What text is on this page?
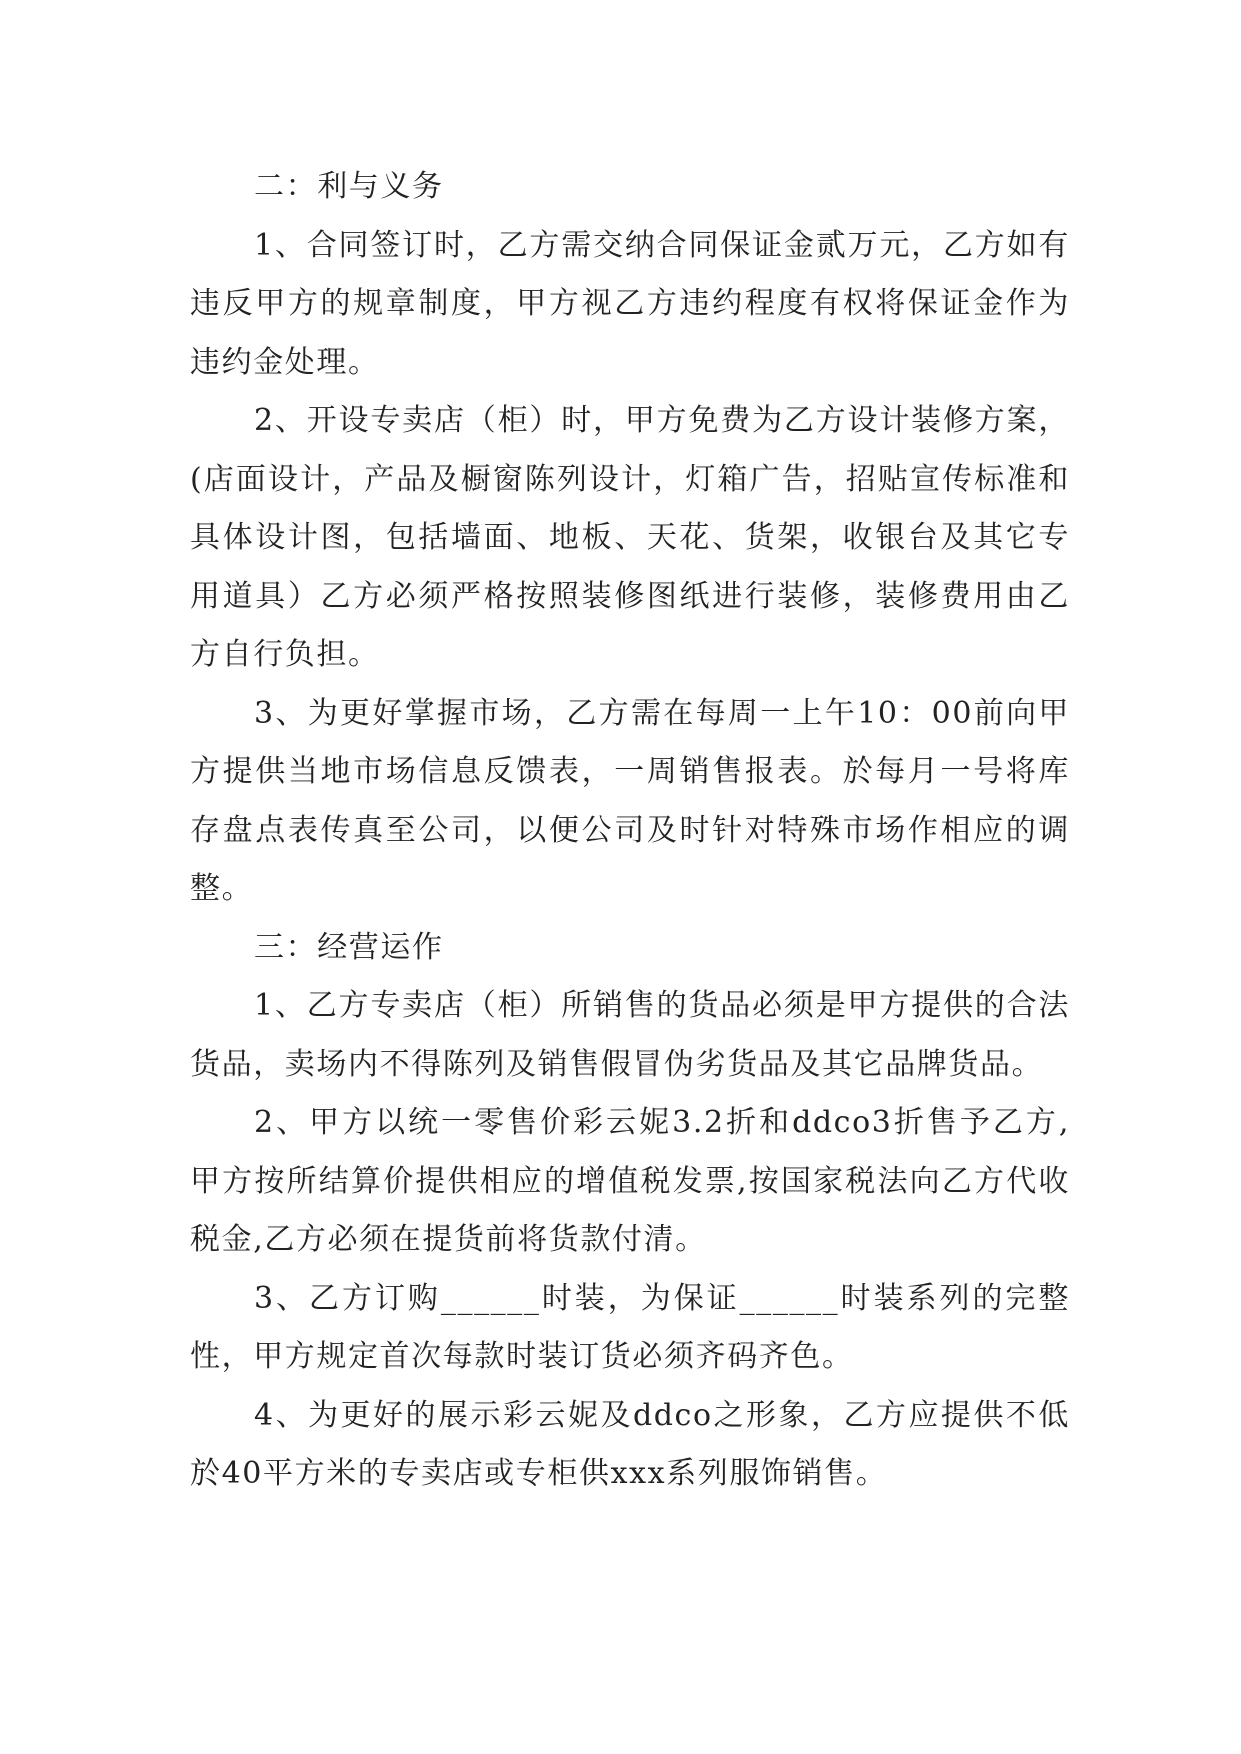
二：利与义务

1、合同签订时，乙方需交纳合同保证金贰万元，乙方如有违反甲方的规章制度，甲方视乙方违约程度有权将保证金作为违约金处理。

2、开设专卖店（柜）时，甲方免费为乙方设计装修方案，(店面设计，产品及橱窗陈列设计，灯箱广告，招贴宣传标准和具体设计图，包括墙面、地板、天花、货架，收银台及其它专用道具）乙方必须严格按照装修图纸进行装修，装修费用由乙方自行负担。

3、为更好掌握市场，乙方需在每周一上午10：00前向甲方提供当地市场信息反馈表，一周销售报表。於每月一号将库存盘点表传真至公司，以便公司及时针对特殊市场作相应的调整。

三：经营运作

1、乙方专卖店（柜）所销售的货品必须是甲方提供的合法货品，卖场内不得陈列及销售假冒伪劣货品及其它品牌货品。

2、甲方以统一零售价彩云妮3.2折和ddco3折售予乙方,甲方按所结算价提供相应的增值税发票,按国家税法向乙方代收税金,乙方必须在提货前将货款付清。

3、乙方订购______时装，为保证______时装系列的完整性，甲方规定首次每款时装订货必须齐码齐色。

4、为更好的展示彩云妮及ddco之形象，乙方应提供不低於40平方米的专卖店或专柜供xxx系列服饰销售。
